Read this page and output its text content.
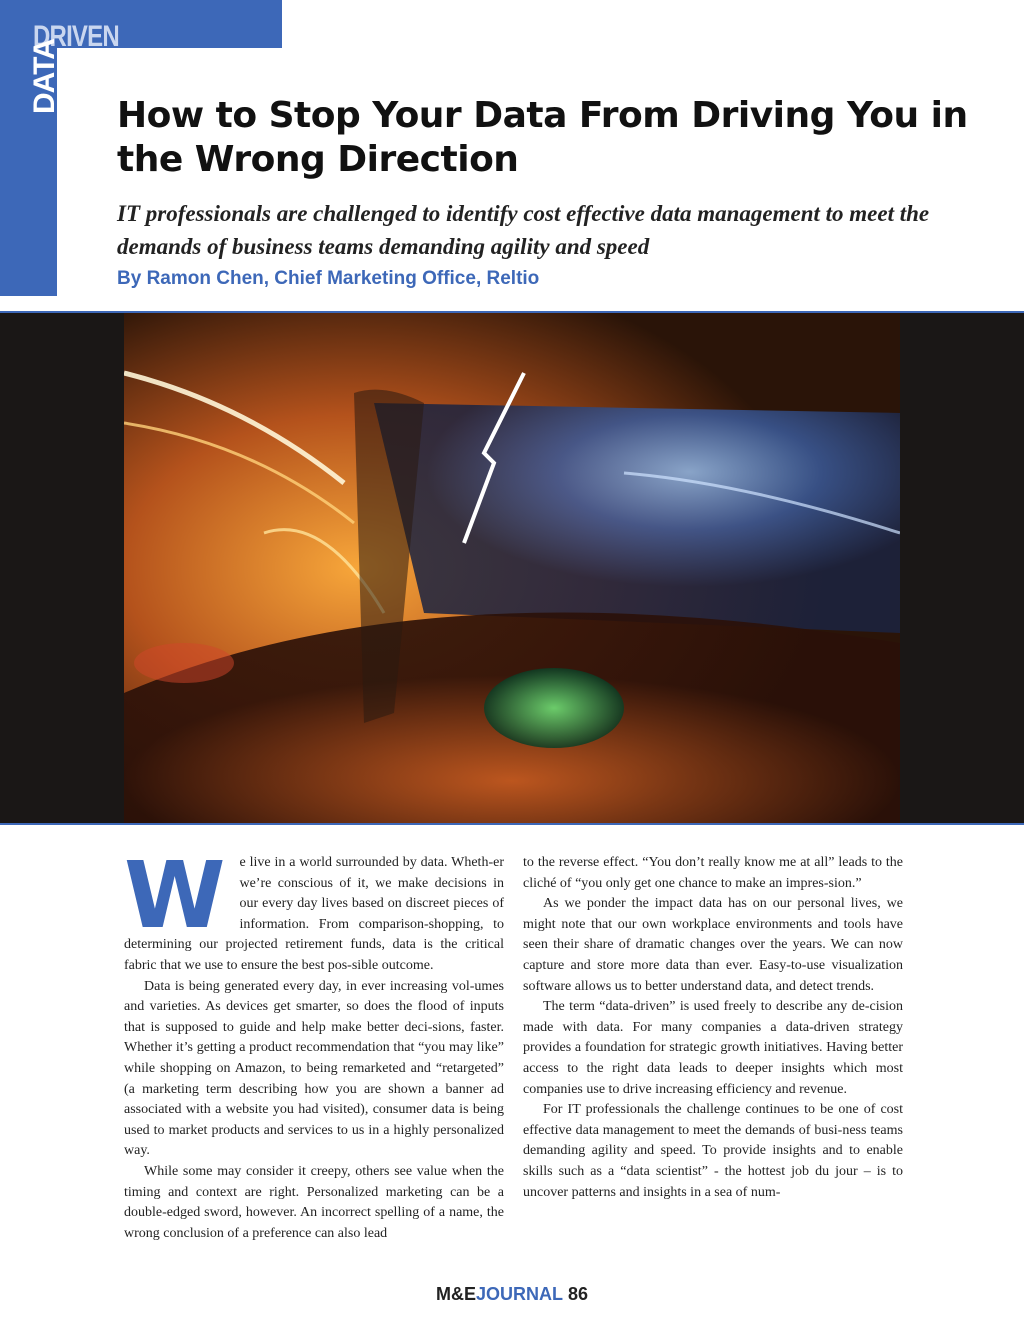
DRIVEN
DATA
How to Stop Your Data From Driving You in the Wrong Direction

IT professionals are challenged to identify cost effective data management to meet the demands of business teams demanding agility and speed

By Ramon Chen, Chief Marketing Office, Reltio

W	e live in a world surrounded by data. Wheth-er we’re conscious of it, we make decisions in our every day lives based on discreet pieces of information. From comparison-shopping, to determining our projected retirement funds, data is the critical fabric that we use to ensure the best pos-sible outcome.

Data is being generated every day, in ever increasing vol-umes and varieties. As devices get smarter, so does the flood of inputs that is supposed to guide and help make better deci-sions, faster. Whether it’s getting a product recommendation that “you may like” while shopping on Amazon, to being remarketed and “retargeted” (a marketing term describing how you are shown a banner ad associated with a website you had visited), consumer data is being used to market products and services to us in a highly personalized way.

While some may consider it creepy, others see value when the timing and context are right. Personalized marketing can be a double-edged sword, however. An incorrect spelling of a name, the wrong conclusion of a preference can also lead

to the reverse effect. “You don’t really know me at all” leads to the cliché of “you only get one chance to make an impres-sion.”

As we ponder the impact data has on our personal lives, we might note that our own workplace environments and tools have seen their share of dramatic changes over the years. We can now capture and store more data than ever. Easy-to-use visualization software allows us to better understand data, and detect trends.

The term “data-driven” is used freely to describe any de-cision made with data. For many companies a data-driven strategy provides a foundation for strategic growth initiatives. Having better access to the right data leads to deeper insights which most companies use to drive increasing efficiency and revenue.

For IT professionals the challenge continues to be one of cost effective data management to meet the demands of busi-ness teams demanding agility and speed. To provide insights and to enable skills such as a “data scientist” - the hottest job du jour – is to uncover patterns and insights in a sea of num-

M&EJOURNAL 86
